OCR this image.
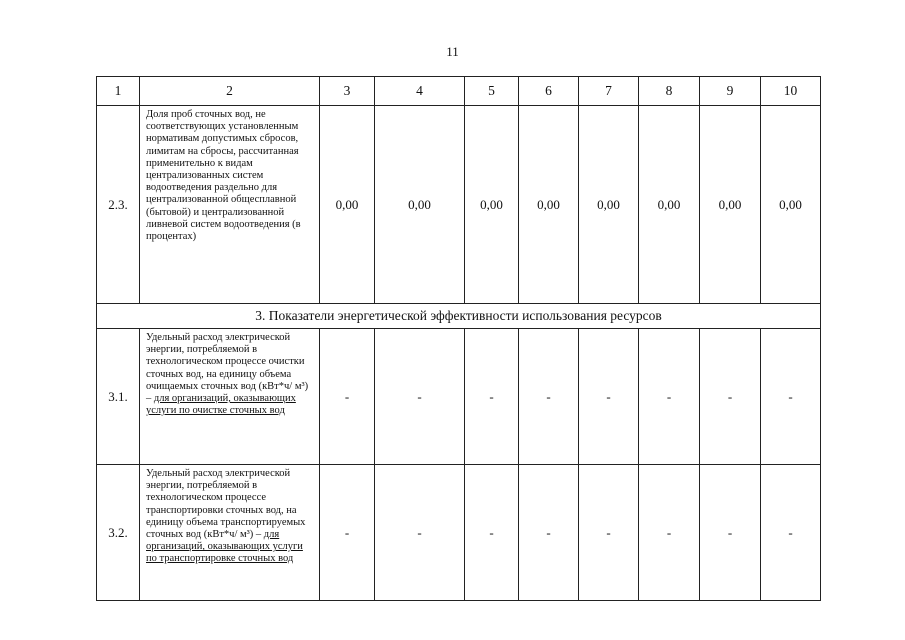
11
1	2	3	4	5	6	7	8	9	10
2.3.	Доля проб сточных вод, не соответствующих установленным нормативам допустимых сбросов, лимитам на сбросы, рассчитанная применительно к видам централизованных систем водоотведения раздельно для централизованной общесплавной (бытовой) и централизованной ливневой систем водоотведения (в процентах)	0,00	0,00	0,00	0,00	0,00	0,00	0,00	0,00
3. Показатели энергетической эффективности использования ресурсов									
3.1.	Удельный расход электрической энергии, потребляемой в технологическом процессе очистки сточных вод, на единицу объема очищаемых сточных вод (кВт*ч/ м³) – для организаций, оказывающих услуги по очистке сточных вод	-	-	-	-	-	-	-	-
3.2.	Удельный расход электрической энергии, потребляемой в технологическом процессе транспортировки сточных вод, на единицу объема транспортируемых сточных вод (кВт*ч/ м³) – для организаций, оказывающих услуги по транспортировке сточных вод	-	-	-	-	-	-	-	-
